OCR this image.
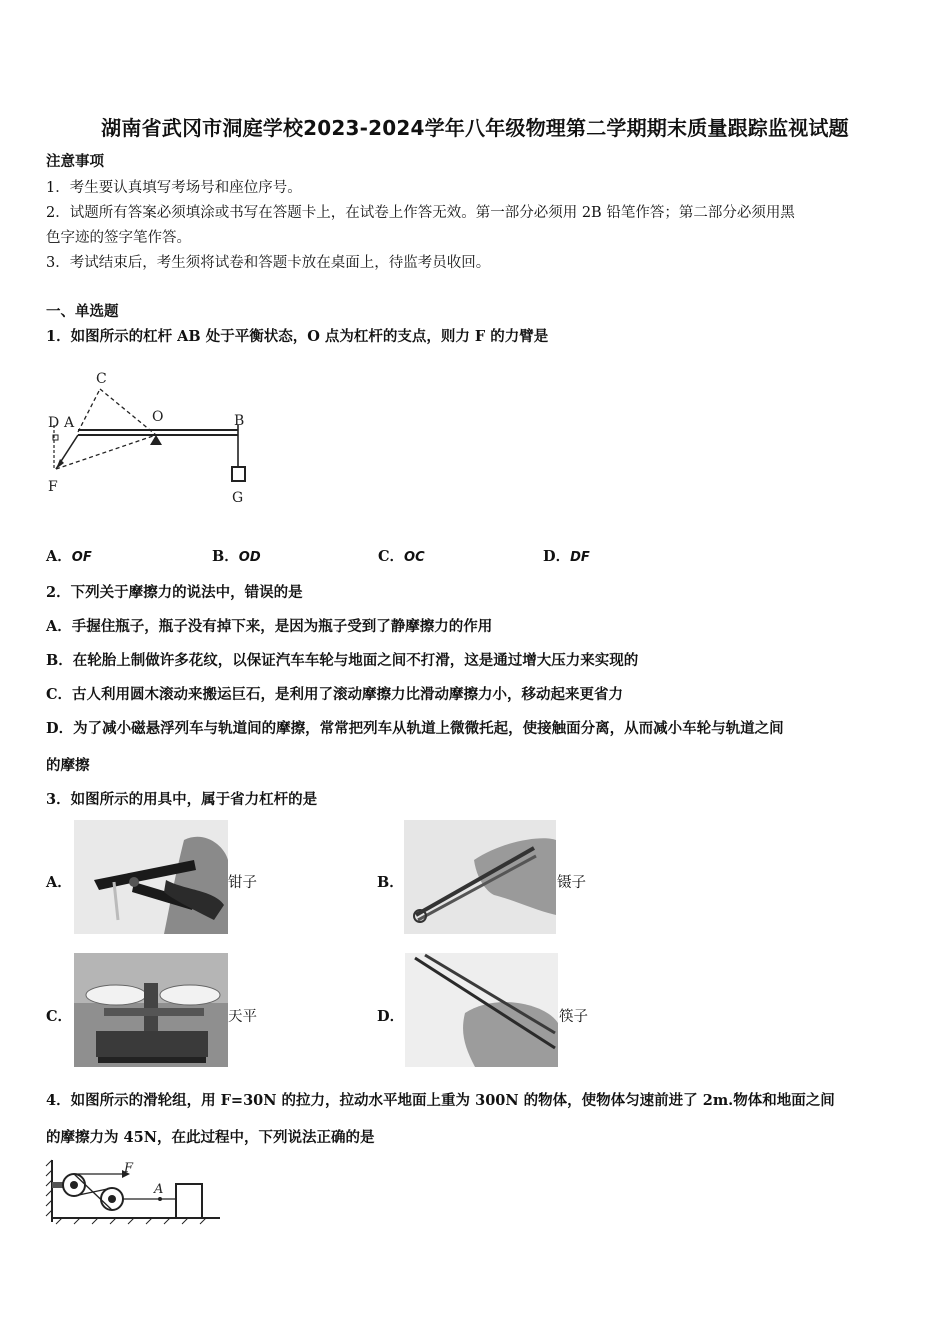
湖南省武冈市洞庭学校2023-2024学年八年级物理第二学期期末质量跟踪监视试题
注意事项
1．考生要认真填写考场号和座位序号。
2．试题所有答案必须填涂或书写在答题卡上，在试卷上作答无效。第一部分必须用 2B 铅笔作答；第二部分必须用黑
色字迹的签字笔作答。
3．考试结束后，考生须将试卷和答题卡放在桌面上，待监考员收回。
一、单选题
1．如图所示的杠杆 AB 处于平衡状态，O 点为杠杆的支点，则力 F 的力臂是
C
D A	O	B
F
G
A．OF	B．OD	C．OC	D．DF
2．下列关于摩擦力的说法中，错误的是
A．手握住瓶子，瓶子没有掉下来，是因为瓶子受到了静摩擦力的作用
B．在轮胎上制做许多花纹，以保证汽车车轮与地面之间不打滑，这是通过增大压力来实现的
C．古人利用圆木滚动来搬运巨石，是利用了滚动摩擦力比滑动摩擦力小，移动起来更省力
D．为了减小磁悬浮列车与轨道间的摩擦，常常把列车从轨道上微微托起，使接触面分离，从而减小车轮与轨道之间
的摩擦
3．如图所示的用具中，属于省力杠杆的是
A．	钳子	B．	镊子
C．	天平	D．	筷子
4．如图所示的滑轮组，用 F=30N 的拉力，拉动水平地面上重为 300N 的物体，使物体匀速前进了 2m.物体和地面之间
的摩擦力为 45N，在此过程中，下列说法正确的是
F
A
